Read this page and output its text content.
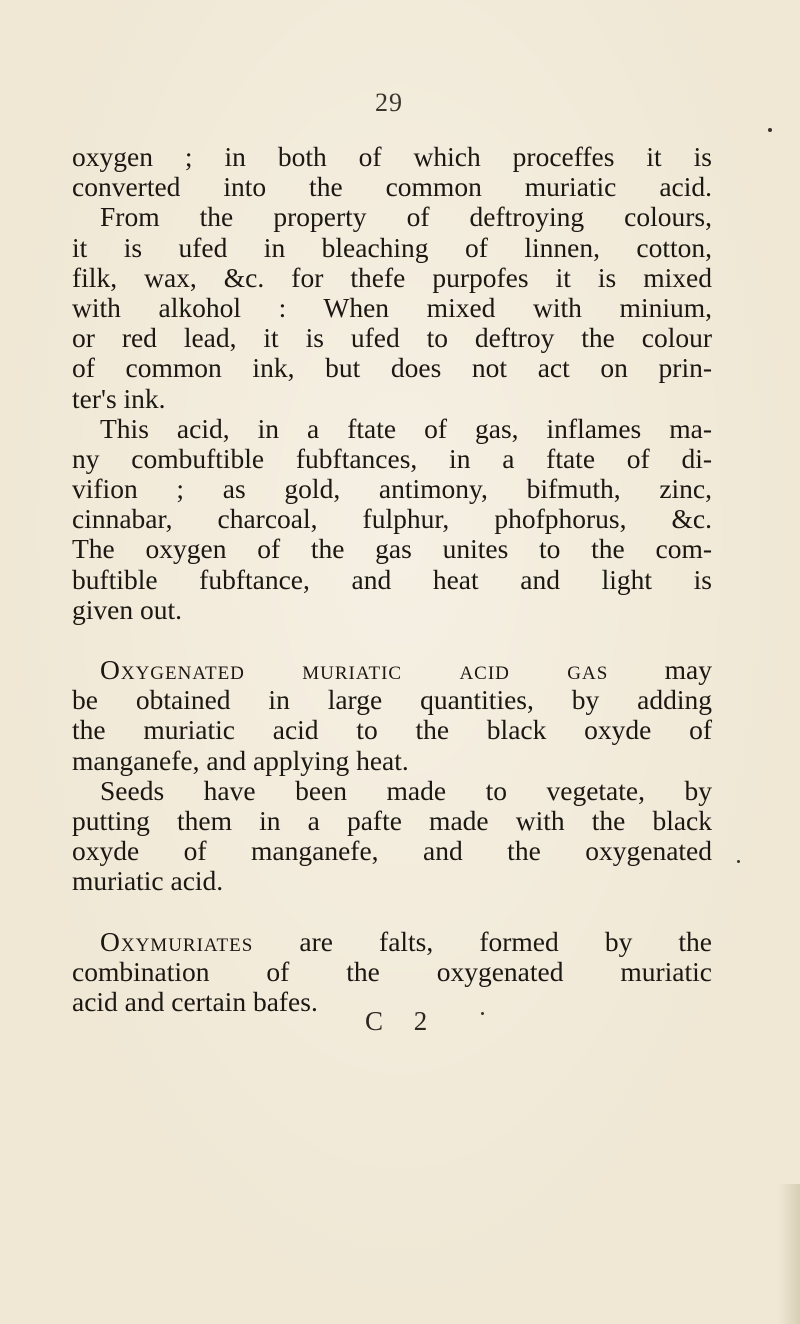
29
oxygen ; in both of which proceffes it is
converted into the common muriatic acid.
From the property of deftroying colours,
it is ufed in bleaching of linnen, cotton,
filk, wax, &c. for thefe purpofes it is mixed
with alkohol : When mixed with minium,
or red lead, it is ufed to deftroy the colour
of common ink, but does not act on prin-
ter's ink.
This acid, in a ftate of gas, inflames ma-
ny combuftible fubftances, in a ftate of di-
vifion ; as gold, antimony, bifmuth, zinc,
cinnabar, charcoal, fulphur, phofphorus, &c.
The oxygen of the gas unites to the com-
buftible fubftance, and heat and light is
given out.
Oxygenated muriatic acid gas may
be obtained in large quantities, by adding
the muriatic acid to the black oxyde of
manganefe, and applying heat.
Seeds have been made to vegetate, by
putting them in a pafte made with the black
oxyde of manganefe, and the oxygenated
muriatic acid.
Oxymuriates are falts, formed by the
combination of the oxygenated muriatic
acid and certain bafes.
C 2
